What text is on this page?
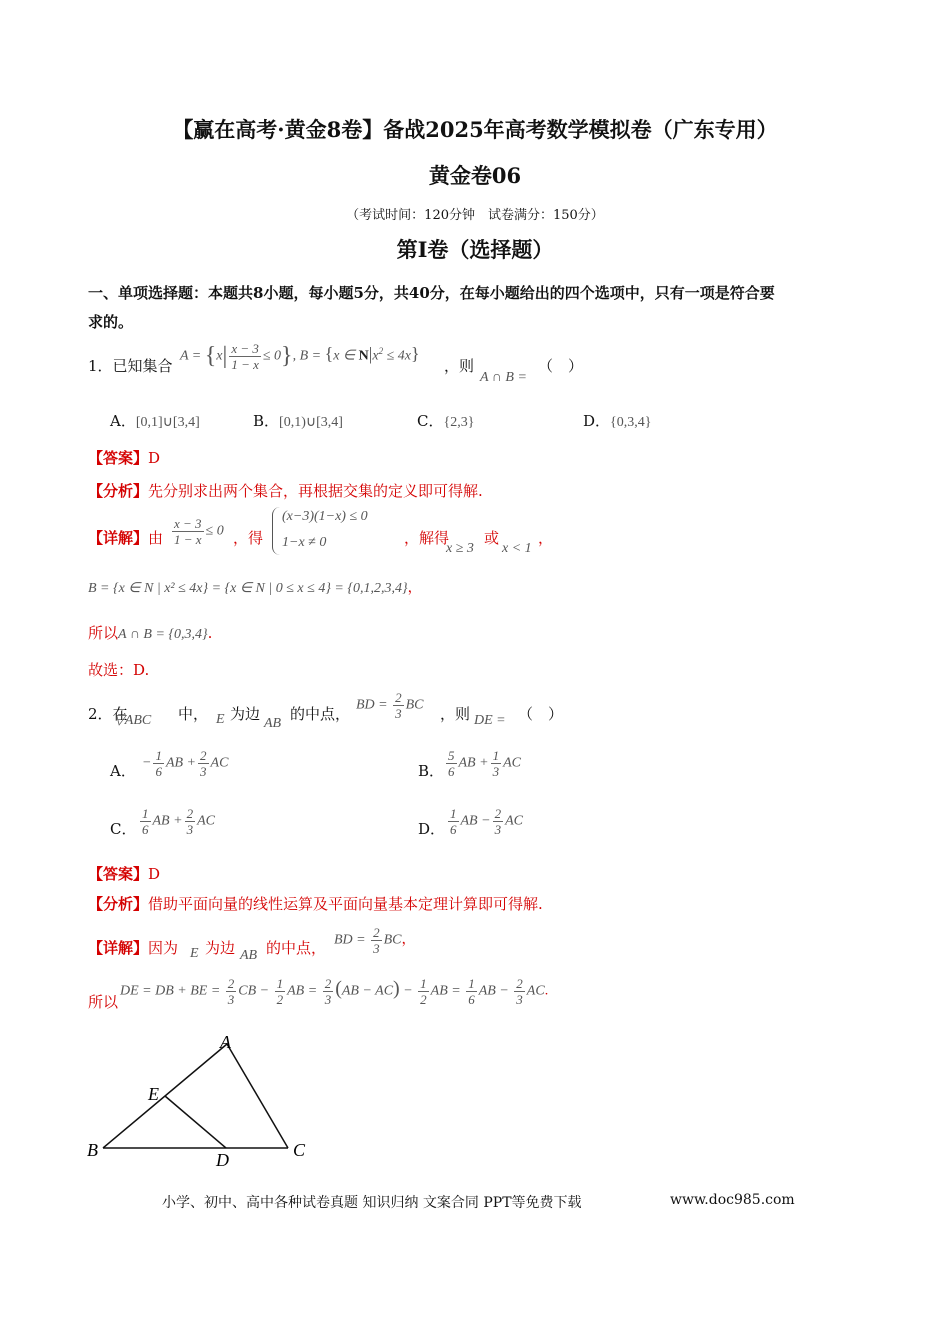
【赢在高考·黄金8卷】备战2025年高考数学模拟卷（广东专用）
黄金卷06
（考试时间：120分钟　试卷满分：150分）
第I卷（选择题）
一、单项选择题：本题共8小题，每小题5分，共40分，在每小题给出的四个选项中，只有一项是符合要
求的。
1．已知集合
$A = \{x| \frac{x - 3}{1 - x} \le 0\}$, B = {x ∈ $N|x^2 \le 4x$}
，则
A ∩ B =
（　）
A．[0,1]∪[3,4]	B．[0,1)∪[3,4]	C．{2,3}	D．{0,3,4}
【答案】D
【分析】先分别求出两个集合，再根据交集的定义即可得解.
【详解】由 $\frac{x - 3}{1 - x} \le 0$ ，得
(x−3)(1−x) ≤ 0
1−x ≠ 0	，解得
x ≥ 3
或
x < 1
，
B = {x ∈ N | x² ≤ 4x} = {x ∈ N | 0 ≤ x ≤ 4} = {0,1,2,3,4}，
所以A ∩ B = {0,3,4}.
故选：D.
2．在
▽ABC 中， E 为边
AB
的中点， BD = $\frac{2}{3}$ BC ，则 DE = （　）
A． − $\frac{1}{6}$ AB + $\frac{2}{3}$ AC	B． $\frac{5}{6}$ AB + $\frac{1}{3}$ AC
C． $\frac{1}{6}$ AB + $\frac{2}{3}$ AC	D． $\frac{1}{6}$ AB − $\frac{2}{3}$ AC
【答案】D
【分析】借助平面向量的线性运算及平面向量基本定理计算即可得解.
【详解】因为 E 为边 AB 的中点， BD = $\frac{2}{3}$ BC，
所以
DE = DB + BE = $\frac{2}{3}$ CB − $\frac{1}{2}$ AB = $\frac{2}{3} (AB - AC) - \frac{1}{2}$ AB = $\frac{1}{6}$ AB − $\frac{2}{3}$ AC.
A
B	C
D
E
小学、初中、高中各种试卷真题 知识归纳 文案合同 PPT等免费下载	www.doc985.com
